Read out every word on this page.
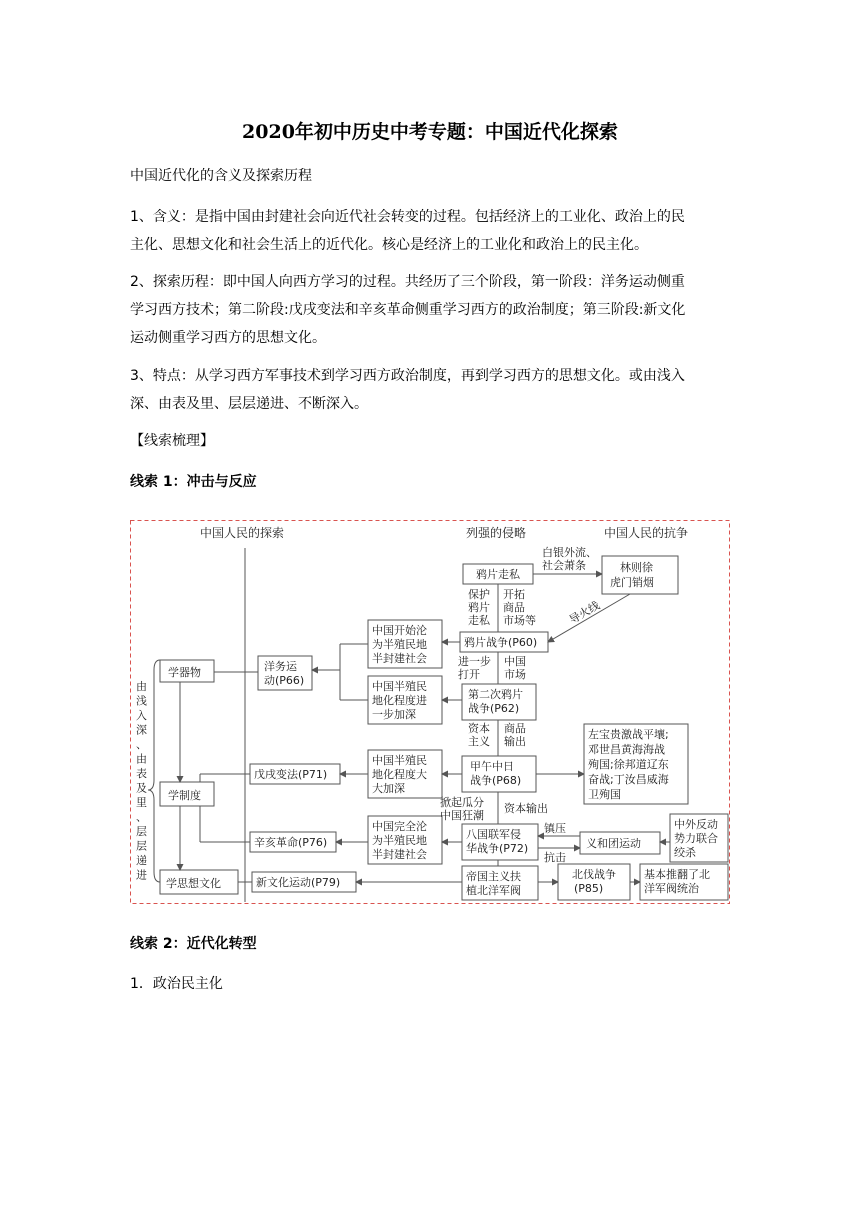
2020年初中历史中考专题：中国近代化探索

中国近代化的含义及探索历程

1、含义：是指中国由封建社会向近代社会转变的过程。包括经济上的工业化、政治上的民
主化、思想文化和社会生活上的近代化。核心是经济上的工业化和政治上的民主化。

2、探索历程：即中国人向西方学习的过程。共经历了三个阶段，第一阶段：洋务运动侧重
学习西方技术；第二阶段:戊戌变法和辛亥革命侧重学习西方的政治制度；第三阶段:新文化
运动侧重学习西方的思想文化。

3、特点：从学习西方军事技术到学习西方政治制度，再到学习西方的思想文化。或由浅入
深、由表及里、层层递进、不断深入。

【线索梳理】

线索 1：冲击与反应

中国人民的探索	列强的侵略	中国人民的抗争
由
浅
入
深
、
由
表
及
里
、
层
层
递
进
学器物
学制度
学思想文化
洋务运
动(P66)
戊戌变法(P71)
辛亥革命(P76)
新文化运动(P79)
中国开始沦
为半殖民地
半封建社会
中国半殖民
地化程度进
一步加深
中国半殖民
地化程度大
大加深
中国完全沦
为半殖民地
半封建社会
鸦片走私
保护
鸦片
走私
开拓
商品
市场等
鸦片战争(P60)
进一步
打开
中国
市场
第二次鸦片
战争(P62)
资本
主义
商品
输出
甲午中日
战争(P68)
掀起瓜分
中国狂潮
资本输出
八国联军侵
华战争(P72)
帝国主义扶
植北洋军阀
白银外流、
社会萧条	林则徐
虎门销烟
导火线
左宝贵激战平壤;
邓世昌黄海海战
殉国;徐邦道辽东
奋战;丁汝昌威海
卫殉国
镇压
抗击
义和团运动
中外反动
势力联合
绞杀
北伐战争
(P85)
基本推翻了北
洋军阀统治

线索 2：近代化转型

1．政治民主化
